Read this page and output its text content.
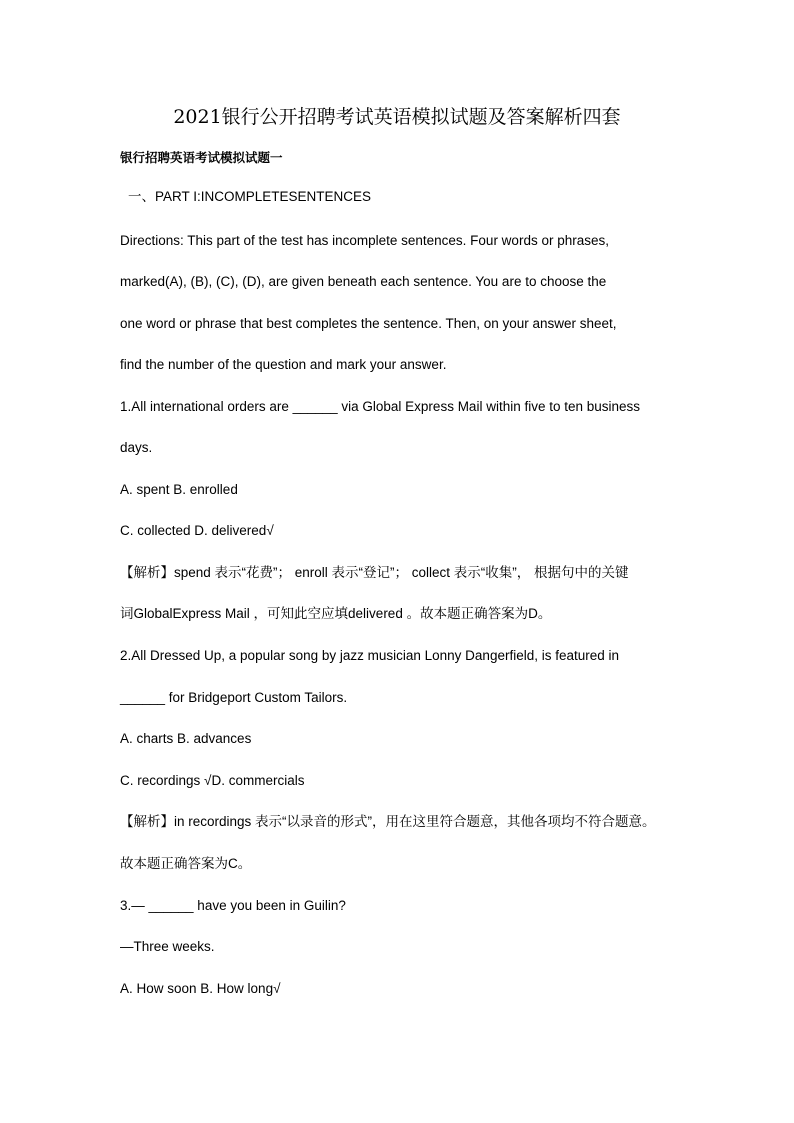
2021银行公开招聘考试英语模拟试题及答案解析四套
银行招聘英语考试模拟试题一
一、PART I:INCOMPLETESENTENCES
Directions: This part of the test has incomplete sentences. Four words or phrases,
marked(A), (B), (C), (D), are given beneath each sentence. You are to choose the
one word or phrase that best completes the sentence. Then, on your answer sheet,
find the number of the question and mark your answer.
1.All international orders are ______ via Global Express Mail within five to ten business
days.
A. spent B. enrolled
C. collected D. delivered√
【解析】spend 表示“花费”； enroll 表示“登记”； collect 表示“收集”， 根据句中的关键
词GlobalExpress Mail ，可知此空应填delivered 。故本题正确答案为D。
2.All Dressed Up, a popular song by jazz musician Lonny Dangerfield, is featured in
______ for Bridgeport Custom Tailors.
A. charts B. advances
C. recordings √D. commercials
【解析】in recordings 表示“以录音的形式”，用在这里符合题意，其他各项均不符合题意。
故本题正确答案为C。
3.— ______ have you been in Guilin?
—Three weeks.
A. How soon B. How long√
